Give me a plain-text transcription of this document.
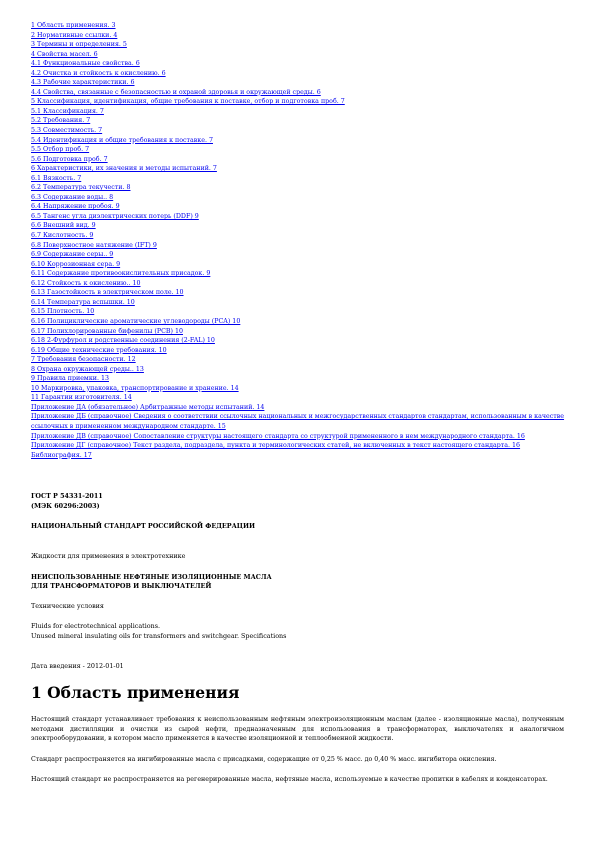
1 Область применения. 3
2 Нормативные ссылки. 4
3 Термины и определения. 5
4 Свойства масел. 6
4.1 Функциональные свойства. 6
4.2 Очистка и стойкость к окислению. 6
4.3 Рабочие характеристики. 6
4.4 Свойства, связанные с безопасностью и охраной здоровья и окружающей среды. 6
5 Классификация, идентификация, общие требования к поставке, отбор и подготовка проб. 7
5.1 Классификация. 7
5.2 Требования. 7
5.3 Совместимость. 7
5.4 Идентификация и общие требования к поставке. 7
5.5 Отбор проб. 7
5.6 Подготовка проб. 7
6 Характеристики, их значения и методы испытаний. 7
6.1 Вязкость. 7
6.2 Температура текучести. 8
6.3 Содержание воды.. 8
6.4 Напряжение пробоя. 9
6.5 Тангенс угла диэлектрических потерь (DDF) 9
6.6 Внешний вид. 9
6.7 Кислотность. 9
6.8 Поверхностное натяжение (IFT) 9
6.9 Содержание серы.. 9
6.10 Коррозионная сера. 9
6.11 Содержание противоокислительных присадок. 9
6.12 Стойкость к окислению.. 10
6.13 Газостойкость в электрическом поле. 10
6.14 Температура вспышки. 10
6.15 Плотность. 10
6.16 Полициклические ароматические углеводороды (PCA) 10
6.17 Полихлорированные бифенилы (PCB) 10
6.18 2-Фурфурол и родственные соединения (2-FAL) 10
6.19 Общие технические требования. 10
7 Требования безопасности. 12
8 Охрана окружающей среды.. 13
9 Правила приемки. 13
10 Маркировка, упаковка, транспортирование и хранение. 14
11 Гарантии изготовителя. 14
Приложение ДА (обязательное) Арбитражные методы испытаний. 14
Приложение ДБ (справочное) Сведения о соответствии ссылочных национальных и межгосударственных стандартов стандартам, использованным в качестве ссылочных в примененном международном стандарте. 15
Приложение ДВ (справочное) Сопоставление структуры настоящего стандарта со структурой примененного в нем международного стандарта. 16
Приложение ДГ (справочное) Текст раздела, подраздела, пункта и терминологических статей, не включенных в текст настоящего стандарта. 16
Библиография. 17
ГОСТ Р 54331-2011
(МЭК 60296:2003)
НАЦИОНАЛЬНЫЙ СТАНДАРТ РОССИЙСКОЙ ФЕДЕРАЦИИ
Жидкости для применения в электротехнике
НЕИСПОЛЬЗОВАННЫЕ НЕФТЯНЫЕ ИЗОЛЯЦИОННЫЕ МАСЛА
ДЛЯ ТРАНСФОРМАТОРОВ И ВЫКЛЮЧАТЕЛЕЙ
Технические условия
Fluids for electrotechnical applications.
Unused mineral insulating oils for transformers and switchgear. Specifications
Дата введения - 2012-01-01
1 Область применения

Настоящий стандарт устанавливает требования к неиспользованным нефтяным электроизоляционным маслам (далее - изоляционные масла), полученным методами дистилляции и очистки из сырой нефти, предназначенным для использования в трансформаторах, выключателях и аналогичном электрооборудовании, в котором масло применяется в качестве изоляционной и теплообменной жидкости.

Стандарт распространяется на ингибированные масла с присадками, содержащие от 0,25 % масс. до 0,40 % масс. ингибитора окисления.

Настоящий стандарт не распространяется на регенерированные масла, нефтяные масла, используемые в качестве пропитки в кабелях и конденсаторах.
